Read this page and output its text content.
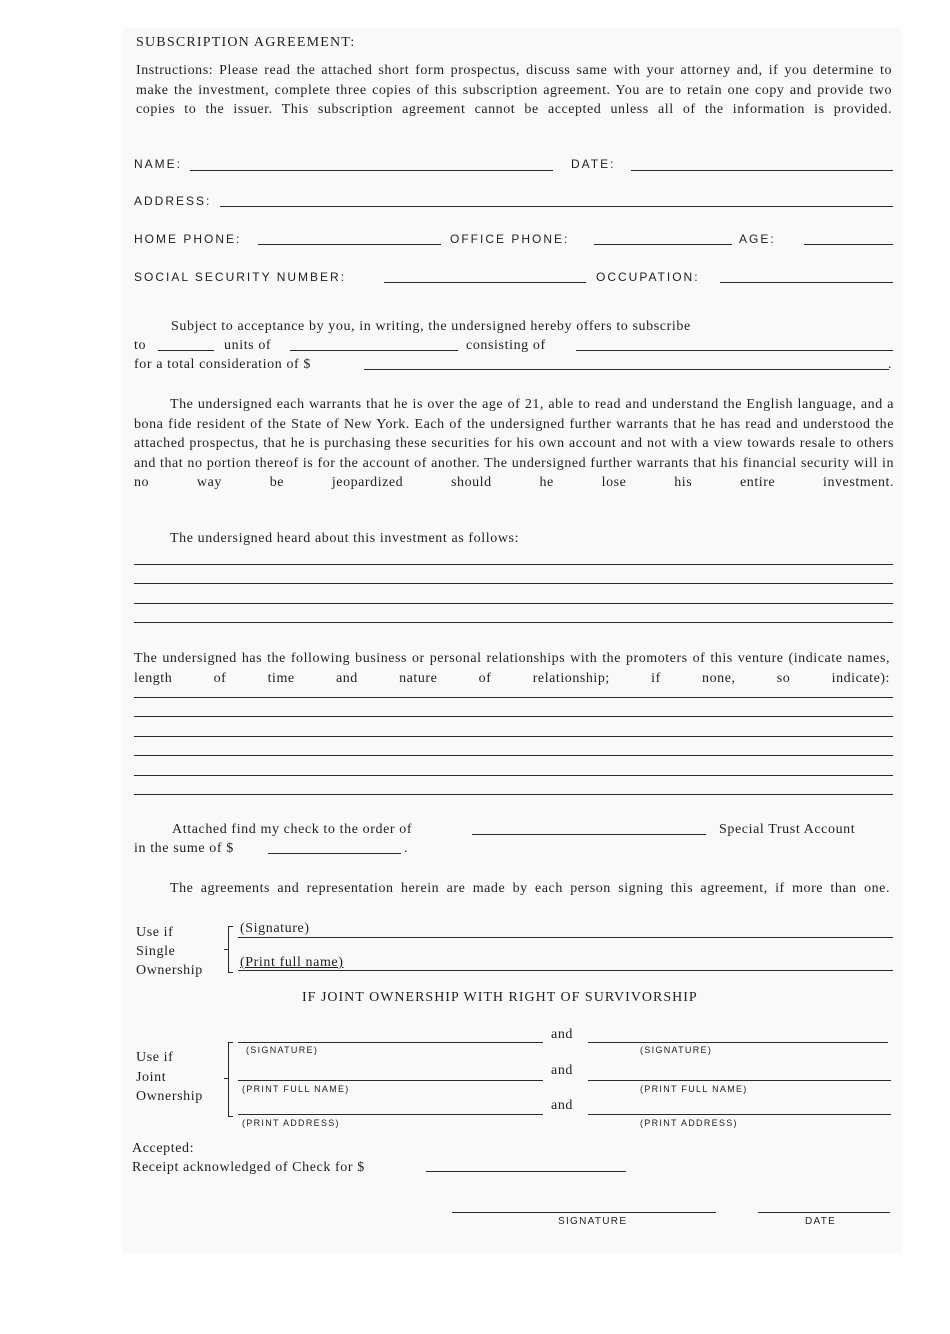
SUBSCRIPTION AGREEMENT:
Instructions: Please read the attached short form prospectus, discuss same with your attorney and, if you determine to make the investment, complete three copies of this subscription agreement. You are to retain one copy and provide two copies to the issuer. This subscription agreement cannot be accepted unless all of the information is provided.
NAME:	DATE:
ADDRESS:
HOME PHONE:	OFFICE PHONE:	AGE:
SOCIAL SECURITY NUMBER:	OCCUPATION:
Subject to acceptance by you, in writing, the undersigned hereby offers to subscribe
to	units of	consisting of
for a total consideration of $	.
The undersigned each warrants that he is over the age of 21, able to read and understand the English language, and a bona fide resident of the State of New York. Each of the undersigned further warrants that he has read and understood the attached prospectus, that he is purchasing these securities for his own account and not with a view towards resale to others and that no portion thereof is for the account of another. The undersigned further warrants that his financial security will in no way be jeopardized should he lose his entire investment.
The undersigned heard about this investment as follows:
The undersigned has the following business or personal relationships with the promoters of this venture (indicate names, length of time and nature of relationship; if none, so indicate):
Attached find my check to the order of	Special Trust Account
in the sume of $	.
The agreements and representation herein are made by each person signing this agreement, if more than one.
Use if
Single
Ownership
(Signature)
(Print full name)
IF JOINT OWNERSHIP WITH RIGHT OF SURVIVORSHIP
Use if
Joint
Ownership
and
(SIGNATURE)	(SIGNATURE)
and
(PRINT FULL NAME)	(PRINT FULL NAME)
and
(PRINT ADDRESS)	(PRINT ADDRESS)
Accepted:
Receipt acknowledged of Check for $
SIGNATURE	DATE
